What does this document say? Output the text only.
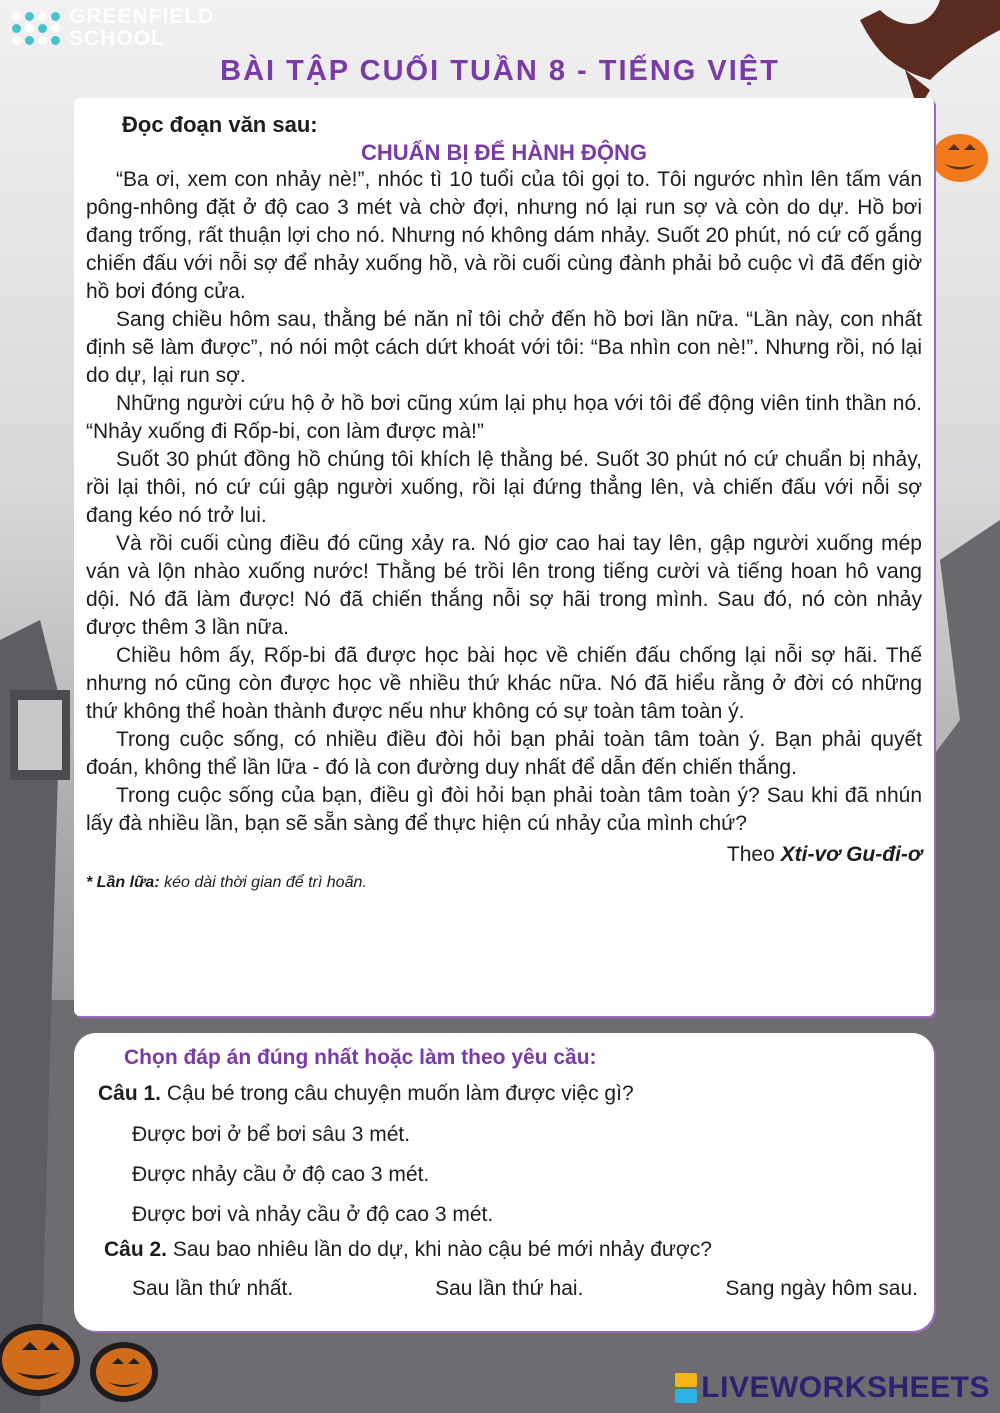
GREENFIELD
SCHOOL
BÀI TẬP CUỐI TUẦN 8 - TIẾNG VIỆT
Đọc đoạn văn sau:
CHUẨN BỊ ĐỂ HÀNH ĐỘNG

“Ba ơi, xem con nhảy nè!”, nhóc tì 10 tuổi của tôi gọi to. Tôi ngước nhìn lên tấm ván pông-nhông đặt ở độ cao 3 mét và chờ đợi, nhưng nó lại run sợ và còn do dự. Hồ bơi đang trống, rất thuận lợi cho nó. Nhưng nó không dám nhảy. Suốt 20 phút, nó cứ cố gắng chiến đấu với nỗi sợ để nhảy xuống hồ, và rồi cuối cùng đành phải bỏ cuộc vì đã đến giờ hồ bơi đóng cửa.

Sang chiều hôm sau, thằng bé năn nỉ tôi chở đến hồ bơi lần nữa. “Lần này, con nhất định sẽ làm được”, nó nói một cách dứt khoát với tôi: “Ba nhìn con nè!”. Nhưng rồi, nó lại do dự, lại run sợ.

Những người cứu hộ ở hồ bơi cũng xúm lại phụ họa với tôi để động viên tinh thần nó. “Nhảy xuống đi Rốp-bi, con làm được mà!”

Suốt 30 phút đồng hồ chúng tôi khích lệ thằng bé. Suốt 30 phút nó cứ chuẩn bị nhảy, rồi lại thôi, nó cứ cúi gập người xuống, rồi lại đứng thẳng lên, và chiến đấu với nỗi sợ đang kéo nó trở lui.

Và rồi cuối cùng điều đó cũng xảy ra. Nó giơ cao hai tay lên, gập người xuống mép ván và lộn nhào xuống nước! Thằng bé trồi lên trong tiếng cười và tiếng hoan hô vang dội. Nó đã làm được! Nó đã chiến thắng nỗi sợ hãi trong mình. Sau đó, nó còn nhảy được thêm 3 lần nữa.

Chiều hôm ấy, Rốp-bi đã được học bài học về chiến đấu chống lại nỗi sợ hãi. Thế nhưng nó cũng còn được học về nhiều thứ khác nữa. Nó đã hiểu rằng ở đời có những thứ không thể hoàn thành được nếu như không có sự toàn tâm toàn ý.

Trong cuộc sống, có nhiều điều đòi hỏi bạn phải toàn tâm toàn ý. Bạn phải quyết đoán, không thể lần lữa - đó là con đường duy nhất để dẫn đến chiến thắng.

Trong cuộc sống của bạn, điều gì đòi hỏi bạn phải toàn tâm toàn ý? Sau khi đã nhún lấy đà nhiều lần, bạn sẽ sẵn sàng để thực hiện cú nhảy của mình chứ?

Theo Xti-vơ Gu-đi-ơ
* Lần lữa: kéo dài thời gian để trì hoãn.
Chọn đáp án đúng nhất hoặc làm theo yêu cầu:
Câu 1. Cậu bé trong câu chuyện muốn làm được việc gì?
Được bơi ở bể bơi sâu 3 mét.
Được nhảy cầu ở độ cao 3 mét.
Được bơi và nhảy cầu ở độ cao 3 mét.
Câu 2. Sau bao nhiêu lần do dự, khi nào cậu bé mới nhảy được?
Sau lần thứ nhất.	Sau lần thứ hai.	Sang ngày hôm sau.
LIVEWORKSHEETS
